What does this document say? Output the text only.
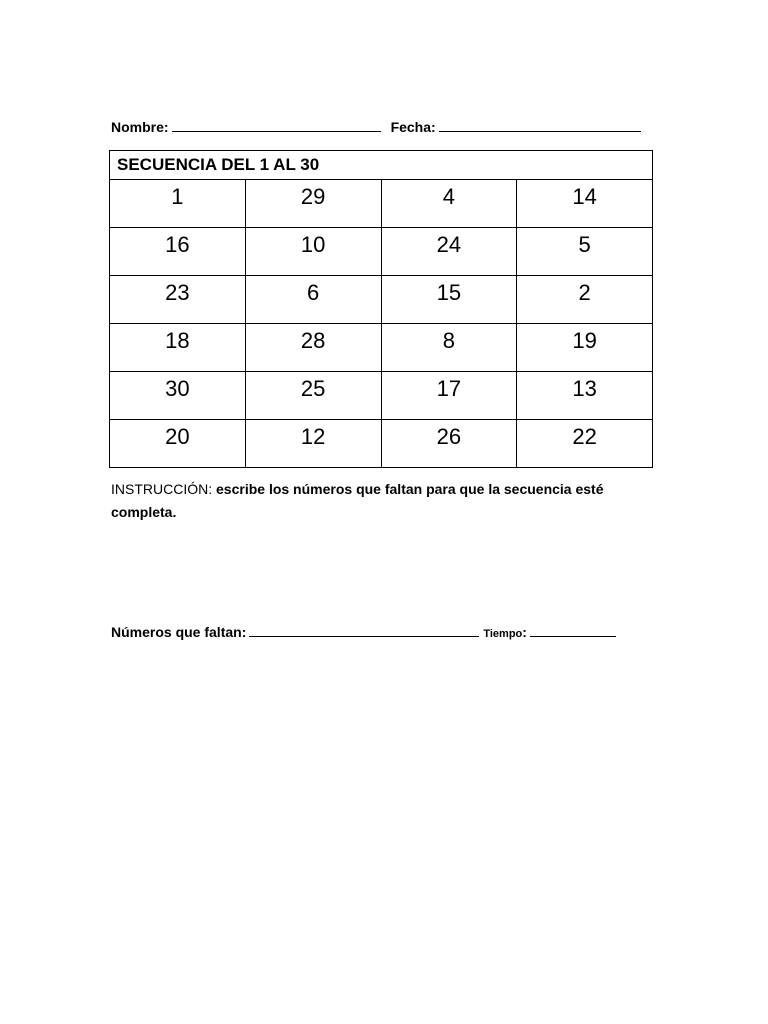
Nombre:	Fecha:
SECUENCIA DEL 1 AL 30			
1	29	4	14
16	10	24	5
23	6	15	2
18	28	8	19
30	25	17	13
20	12	26	22
INSTRUCCIÓN: escribe los números que faltan para que la secuencia esté completa.
Números que faltan:	Tiempo:
